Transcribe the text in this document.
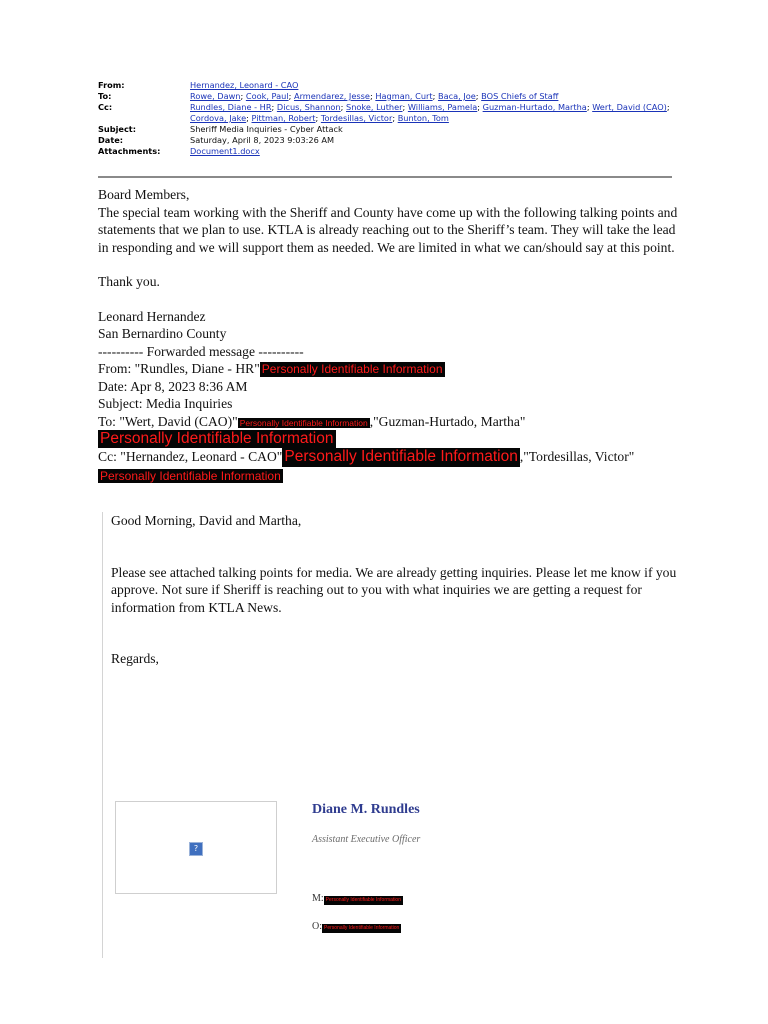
From:	Hernandez, Leonard - CAO
To:	Rowe, Dawn; Cook, Paul; Armendarez, Jesse; Hagman, Curt; Baca, Joe; BOS Chiefs of Staff
Cc:	Rundles, Diane - HR; Dicus, Shannon; Snoke, Luther; Williams, Pamela; Guzman-Hurtado, Martha; Wert, David (CAO); Cordova, Jake; Pittman, Robert; Tordesillas, Victor; Bunton, Tom
Subject:	Sheriff Media Inquiries - Cyber Attack
Date:	Saturday, April 8, 2023 9:03:26 AM
Attachments:	Document1.docx

Board Members,

The special team working with the Sheriff and County have come up with the following talking points and statements that we plan to use. KTLA is already reaching out to the Sheriff’s team. They will take the lead in responding and we will support them as needed. We are limited in what we can/should say at this point.

Thank you.

Leonard Hernandez

San Bernardino County

---------- Forwarded message ----------

From: "Rundles, Diane - HR" Personally Identifiable Information

Date: Apr 8, 2023 8:36 AM

Subject: Media Inquiries

To: "Wert, David (CAO)" Personally Identifiable Information ,"Guzman-Hurtado, Martha"

Personally Identifiable Information

Cc: "Hernandez, Leonard - CAO" Personally Identifiable Information ,"Tordesillas, Victor"

Personally Identifiable Information

Good Morning, David and Martha,

Please see attached talking points for media. We are already getting inquiries. Please let me know if you approve. Not sure if Sheriff is reaching out to you with what inquiries we are getting a request for information from KTLA News.

Regards,

?
Diane M. Rundles
Assistant Executive Officer
M: Personally Identifiable Information
O: Personally Identifiable Information
